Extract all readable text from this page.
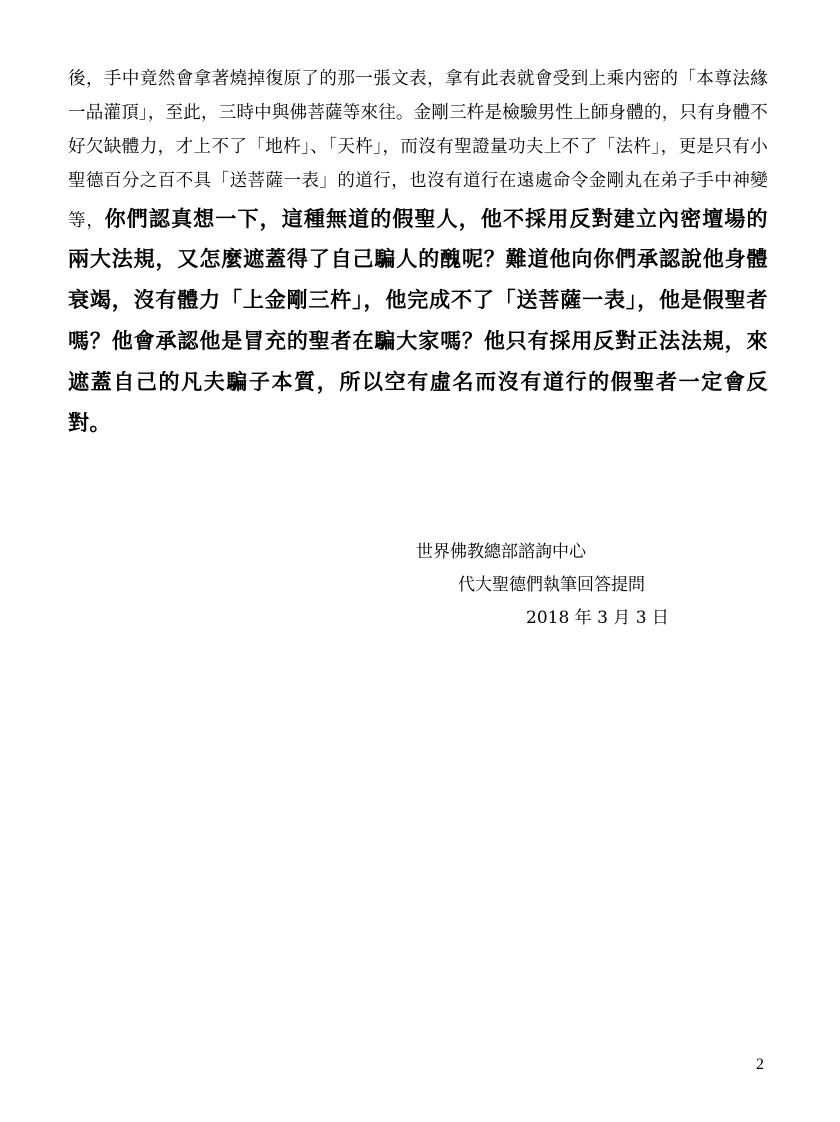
後，手中竟然會拿著燒掉復原了的那一張文表，拿有此表就會受到上乘内密的「本尊法緣一品灌頂」，至此，三時中與佛菩薩等來往。金剛三杵是檢驗男性上師身體的，只有身體不好欠缺體力，才上不了「地杵」、「天杵」，而沒有聖證量功夫上不了「法杵」，更是只有小聖德百分之百不具「送菩薩一表」的道行，也沒有道行在遠處命令金剛丸在弟子手中神變等，你們認真想一下，這種無道的假聖人，他不採用反對建立內密壇場的兩大法規，又怎麼遮蓋得了自己騙人的醜呢？難道他向你們承認說他身體衰竭，沒有體力「上金剛三杵」，他完成不了「送菩薩一表」，他是假聖者嗎？他會承認他是冒充的聖者在騙大家嗎？他只有採用反對正法法規，來遮蓋自己的凡夫騙子本質，所以空有虛名而沒有道行的假聖者一定會反對。
世界佛教總部諮詢中心
代大聖德們執筆回答提問
2018 年 3 月 3 日
2
